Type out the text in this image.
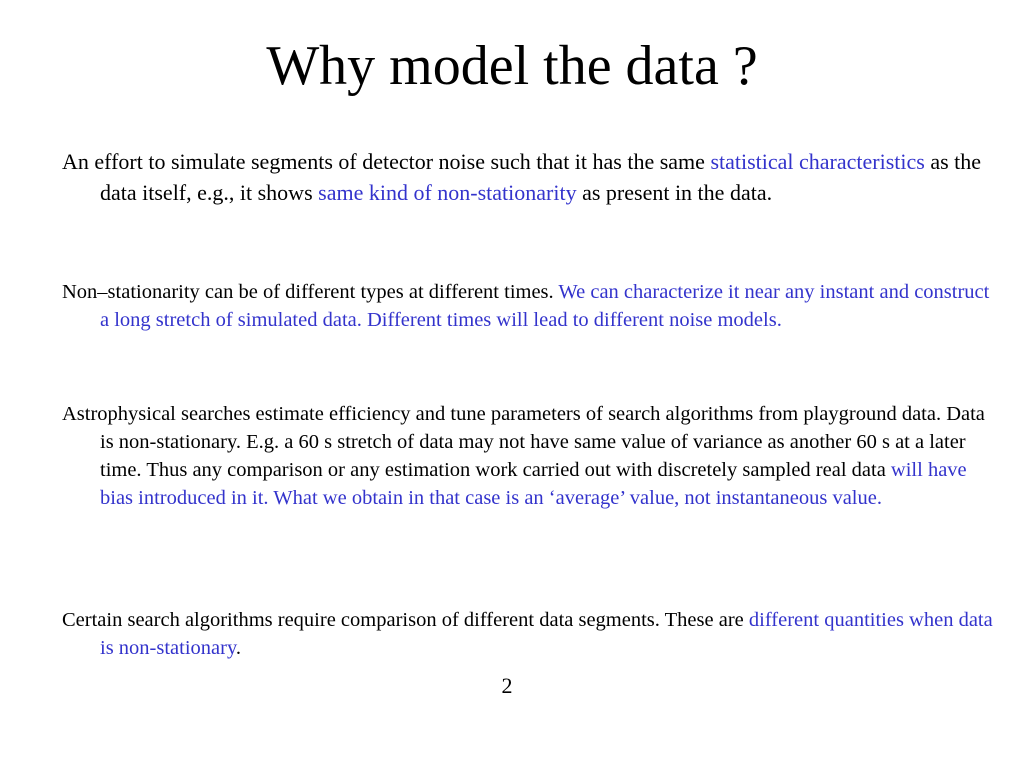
Why model the data ?

An effort to simulate segments of detector noise such that it has the same statistical characteristics as the data itself, e.g., it shows same kind of non-stationarity as present in the data.

Non–stationarity can be of different types at different times. We can characterize it near any instant and construct a long stretch of simulated data. Different times will lead to different noise models.

Astrophysical searches estimate efficiency and tune parameters of search algorithms from playground data. Data is non-stationary. E.g. a 60 s stretch of data may not have same value of variance as another 60 s at a later time. Thus any comparison or any estimation work carried out with discretely sampled real data will have bias introduced in it. What we obtain in that case is an ‘average’ value, not instantaneous value.

Certain search algorithms require comparison of different data segments. These are different quantities when data is non-stationary.

2
